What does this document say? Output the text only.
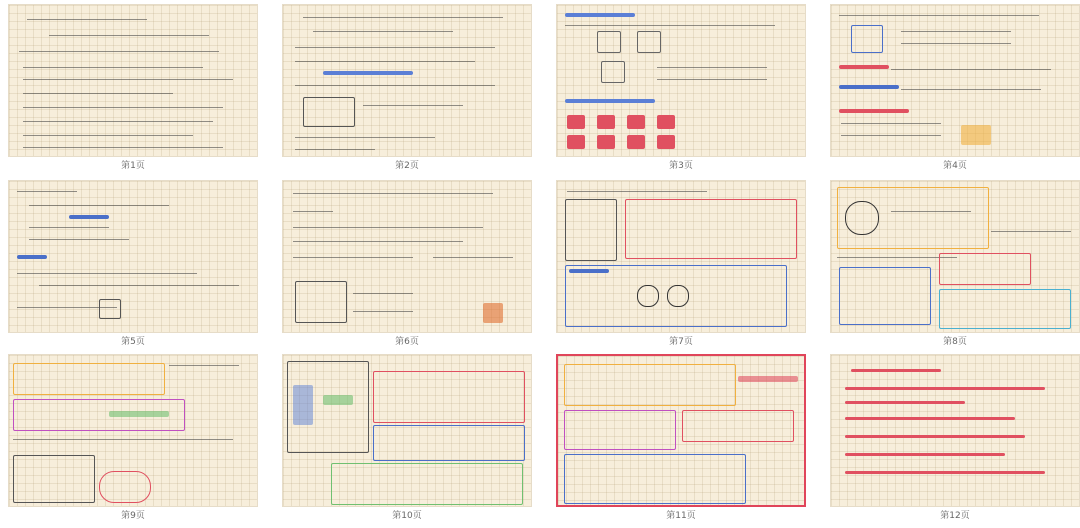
第1页	第2页	第3页	第4页
第5页	第6页	第7页	第8页
第9页	第10页	第11页	第12页
